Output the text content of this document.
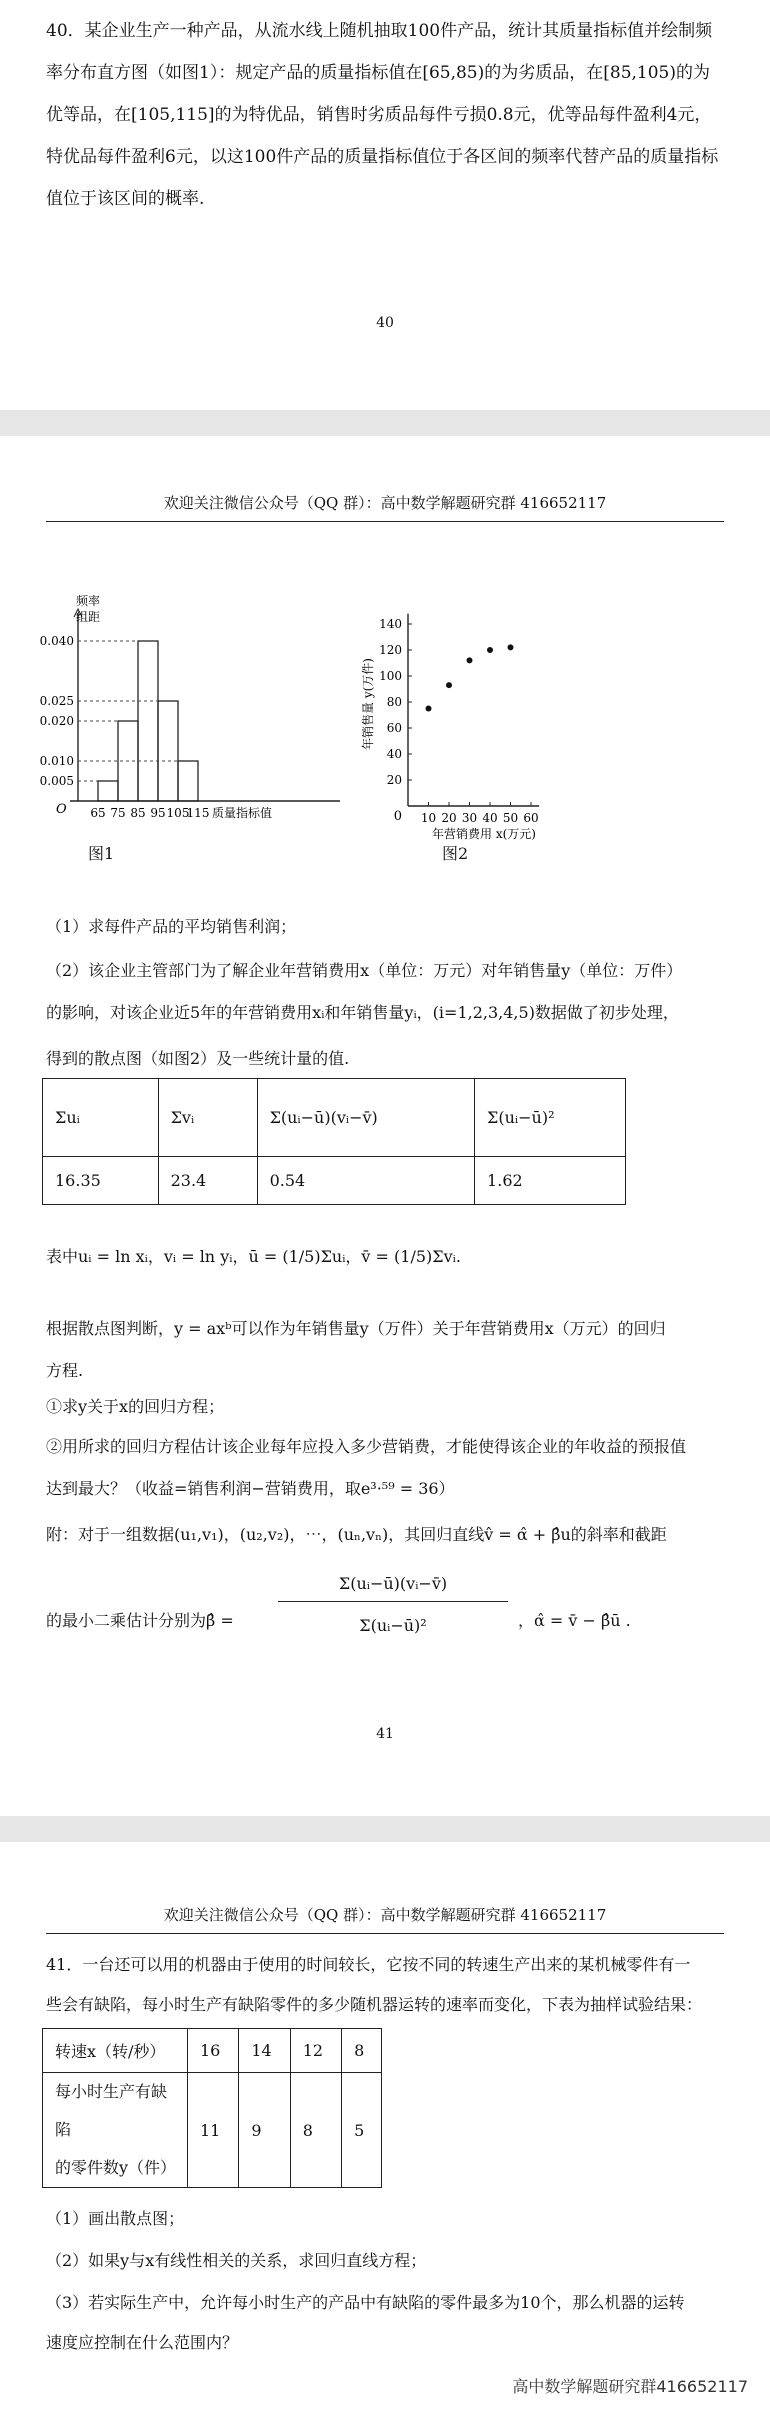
40．某企业生产一种产品，从流水线上随机抽取100件产品，统计其质量指标值并绘制频率分布直方图（如图1）：规定产品的质量指标值在[65,85)的为劣质品，在[85,105)的为优等品，在[105,115]的为特优品，销售时劣质品每件亏损0.8元，优等品每件盈利4元，特优品每件盈利6元，以这100件产品的质量指标值位于各区间的频率代替产品的质量指标值位于该区间的概率.

40
欢迎关注微信公众号（QQ 群）：高中数学解题研究群 416652117
频率
组距
O
0.040
0.025
0.020
0.010
0.005
65 75 85 95 105
115 质量指标值
图1
0
140
120
100
80
60
40
20
10 20 30 40 50 60
年营销费用 x(万元)
年销售量 y(万件)
图2
（1）求每件产品的平均销售利润；
（2）该企业主管部门为了解企业年营销费用x（单位：万元）对年销售量y（单位：万件）
的影响，对该企业近5年的年营销费用xᵢ和年销售量yᵢ，(i=1,2,3,4,5)数据做了初步处理，
得到的散点图（如图2）及一些统计量的值.
Σuᵢ	Σvᵢ	Σ(uᵢ−ū)(vᵢ−v̄)	Σ(uᵢ−ū)²
16.35	23.4	0.54	1.62
表中uᵢ = ln xᵢ，vᵢ = ln yᵢ，ū = (1/5)Σuᵢ，v̄ = (1/5)Σvᵢ.
根据散点图判断，y = axᵇ可以作为年销售量y（万件）关于年营销费用x（万元）的回归
方程.
①求y关于x的回归方程；
②用所求的回归方程估计该企业每年应投入多少营销费，才能使得该企业的年收益的预报值
达到最大？（收益=销售利润−营销费用，取e³·⁵⁹ = 36）
附：对于一组数据(u₁,v₁)，(u₂,v₂)，⋯，(uₙ,vₙ)，其回归直线v̂ = α̂ + β̂u的斜率和截距
的最小二乘估计分别为β̂ =	$\frac{\text{Σ(uᵢ−ū)(vᵢ−v̄)}}{\text{Σ(uᵢ−ū)²}}$ ，α̂ = v̄ − β̂ū .
41
欢迎关注微信公众号（QQ 群）：高中数学解题研究群 416652117
41．一台还可以用的机器由于使用的时间较长，它按不同的转速生产出来的某机械零件有一
些会有缺陷，每小时生产有缺陷零件的多少随机器运转的速率而变化，下表为抽样试验结果：
转速x（转/秒）	16	14	12	8
每小时生产有缺陷
的零件数y（件）	11	9	8	5
（1）画出散点图；
（2）如果y与x有线性相关的关系，求回归直线方程；
（3）若实际生产中，允许每小时生产的产品中有缺陷的零件最多为10个，那么机器的运转
速度应控制在什么范围内？
高中数学解题研究群416652117
